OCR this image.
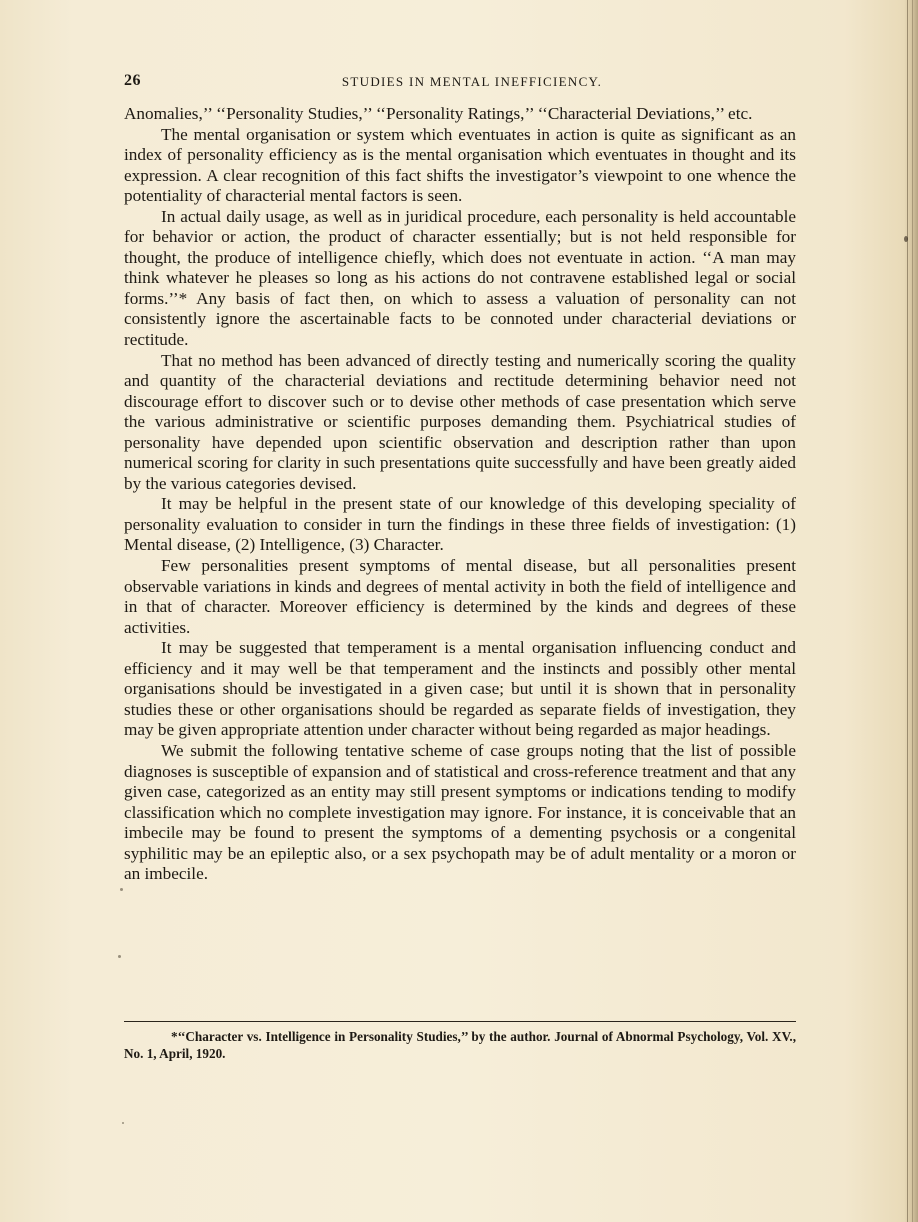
26	STUDIES IN MENTAL INEFFICIENCY.

Anomalies,’’ ‘‘Personality Studies,’’ ‘‘Personality Ratings,’’ ‘‘Characterial Deviations,’’ etc.

The mental organisation or system which eventuates in action is quite as significant as an index of personality efficiency as is the mental organisation which eventuates in thought and its expression. A clear recognition of this fact shifts the investigator’s viewpoint to one whence the potentiality of characterial mental factors is seen.

In actual daily usage, as well as in juridical procedure, each personality is held accountable for behavior or action, the product of character essentially; but is not held responsible for thought, the produce of intelligence chiefly, which does not eventuate in action. ‘‘A man may think whatever he pleases so long as his actions do not contravene established legal or social forms.’’* Any basis of fact then, on which to assess a valuation of personality can not consistently ignore the ascertainable facts to be connoted under characterial deviations or rectitude.

That no method has been advanced of directly testing and numerically scoring the quality and quantity of the characterial deviations and rectitude determining behavior need not discourage effort to discover such or to devise other methods of case presentation which serve the various administrative or scientific purposes demanding them. Psychiatrical studies of personality have depended upon scientific observation and description rather than upon numerical scoring for clarity in such presentations quite successfully and have been greatly aided by the various categories devised.

It may be helpful in the present state of our knowledge of this developing speciality of personality evaluation to consider in turn the findings in these three fields of investigation: (1) Mental disease, (2) Intelligence, (3) Character.

Few personalities present symptoms of mental disease, but all personalities present observable variations in kinds and degrees of mental activity in both the field of intelligence and in that of character. Moreover efficiency is determined by the kinds and degrees of these activities.

It may be suggested that temperament is a mental organisation influencing conduct and efficiency and it may well be that temperament and the instincts and possibly other mental organisations should be investigated in a given case; but until it is shown that in personality studies these or other organisations should be regarded as separate fields of investigation, they may be given appropriate attention under character without being regarded as major headings.

We submit the following tentative scheme of case groups noting that the list of possible diagnoses is susceptible of expansion and of statistical and cross-reference treatment and that any given case, categorized as an entity may still present symptoms or indications tending to modify classification which no complete investigation may ignore. For instance, it is conceivable that an imbecile may be found to present the symptoms of a dementing psychosis or a congenital syphilitic may be an epileptic also, or a sex psychopath may be of adult mentality or a moron or an imbecile.

*‘‘Character vs. Intelligence in Personality Studies,’’ by the author. Journal of Abnormal Psychology, Vol. XV., No. 1, April, 1920.
